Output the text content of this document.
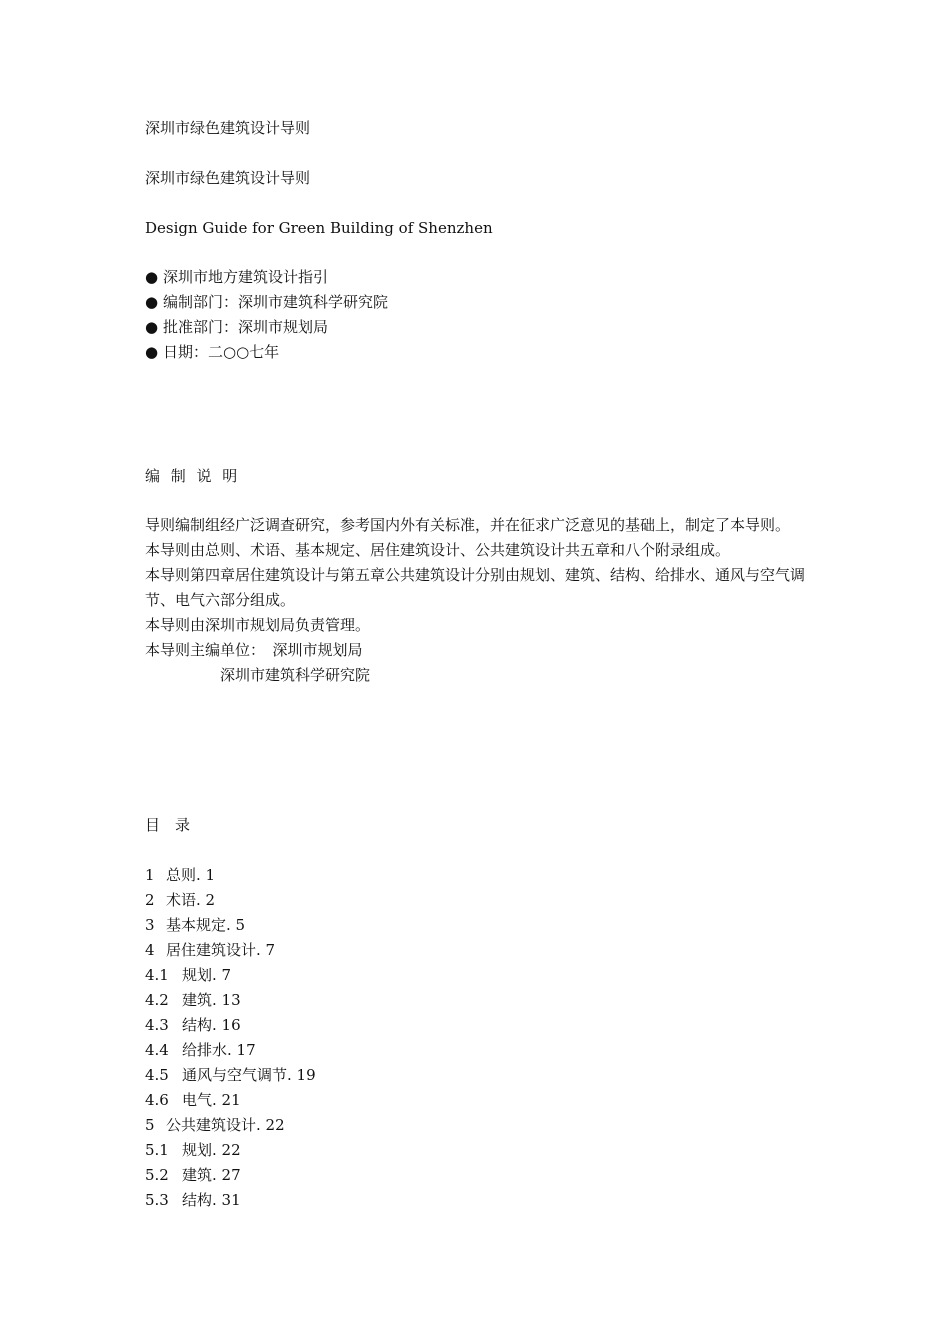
深圳市绿色建筑设计导则
深圳市绿色建筑设计导则
Design Guide for Green Building of Shenzhen
● 深圳市地方建筑设计指引
● 编制部门：深圳市建筑科学研究院
● 批准部门：深圳市规划局
● 日期：二○○七年
编 制 说 明

导则编制组经广泛调查研究，参考国内外有关标准，并在征求广泛意见的基础上，制定了本导则。

本导则由总则、术语、基本规定、居住建筑设计、公共建筑设计共五章和八个附录组成。

本导则第四章居住建筑设计与第五章公共建筑设计分别由规划、建筑、结构、给排水、通风与空气调节、电气六部分组成。

本导则由深圳市规划局负责管理。

本导则主编单位：　深圳市规划局

深圳市建筑科学研究院

目　录
1 总则. 1
2 术语. 2
3 基本规定. 5
4 居住建筑设计. 7
4.1 规划. 7
4.2 建筑. 13
4.3 结构. 16
4.4 给排水. 17
4.5 通风与空气调节. 19
4.6 电气. 21
5 公共建筑设计. 22
5.1 规划. 22
5.2 建筑. 27
5.3 结构. 31
